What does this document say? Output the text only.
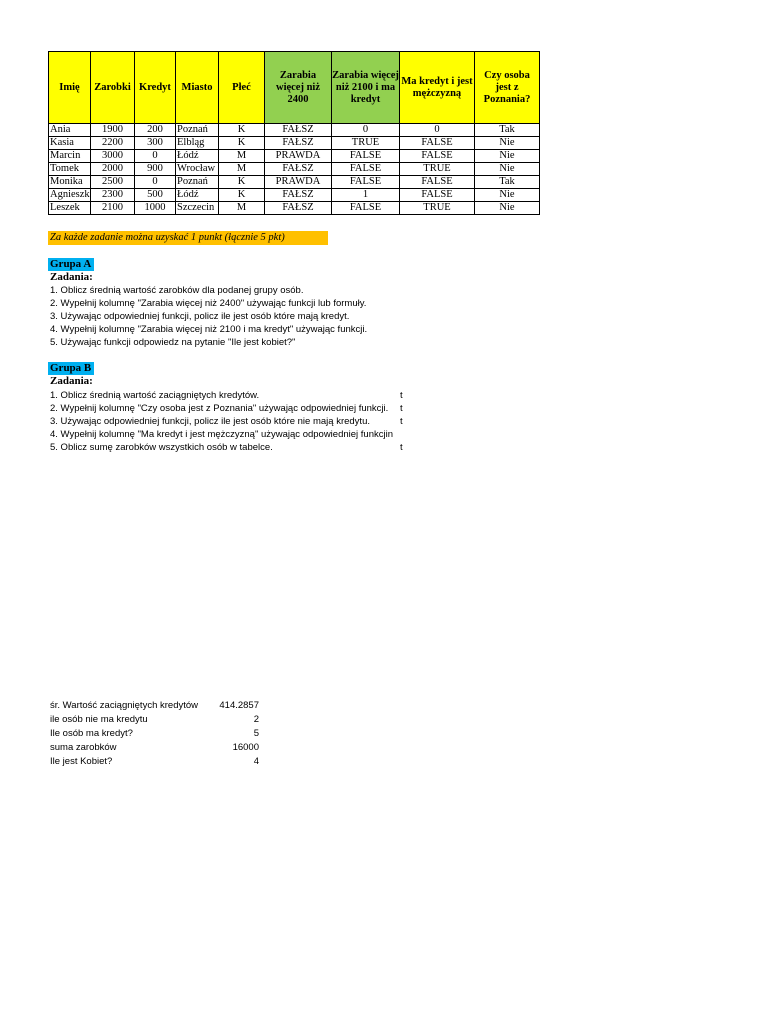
Imię	Zarobki	Kredyt	Miasto	Płeć	Zarabia więcej niż 2400	Zarabia więcej niż 2100 i ma kredyt	Ma kredyt i jest mężczyzną	Czy osoba jest z Poznania?
Ania	1900	200	Poznań	K	FAŁSZ	0	0	Tak
Kasia	2200	300	Elbląg	K	FAŁSZ	TRUE	FALSE	Nie
Marcin	3000	0	Łódź	M	PRAWDA	FALSE	FALSE	Nie
Tomek	2000	900	Wrocław	M	FAŁSZ	FALSE	TRUE	Nie
Monika	2500	0	Poznań	K	PRAWDA	FALSE	FALSE	Tak
Agnieszk	2300	500	Łódź	K	FAŁSZ	1	FALSE	Nie
Leszek	2100	1000	Szczecin	M	FAŁSZ	FALSE	TRUE	Nie
Za każde zadanie można uzyskać 1 punkt (łącznie 5 pkt)
Grupa A
Zadania:
1. Oblicz średnią wartość zarobków dla podanej grupy osób.
2. Wypełnij kolumnę "Zarabia więcej niż 2400" używając funkcji lub formuły.
3. Używając odpowiedniej funkcji, policz ile jest osób które mają kredyt.
4. Wypełnij kolumnę "Zarabia więcej niż 2100 i ma kredyt" używając funkcji.
5. Używając funkcji odpowiedz na pytanie "Ile jest kobiet?"
Grupa B
Zadania:
1. Oblicz średnią wartość zaciągniętych kredytów.
2. Wypełnij kolumnę "Czy osoba jest z Poznania" używając odpowiedniej funkcji.
3. Używając odpowiedniej funkcji, policz ile jest osób które nie mają kredytu.
4. Wypełnij kolumnę "Ma kredyt i jest mężczyzną" używając odpowiedniej funkcjin
5. Oblicz sumę zarobków wszystkich osób w tabelce.
t
t
t
t
śr. Wartość zaciągniętych kredytów 414.2857
ile osób nie ma kredytu	2
Ile osób ma kredyt?	5
suma zarobków	16000
Ile jest Kobiet?	4
